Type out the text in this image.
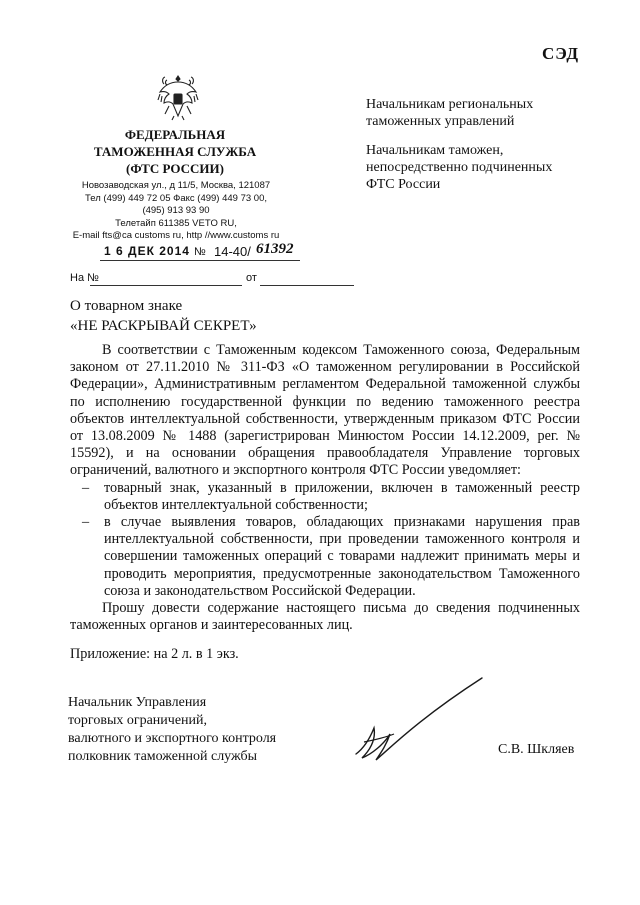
СЭД
ФЕДЕРАЛЬНАЯ
ТАМОЖЕННАЯ СЛУЖБА
(ФТС РОССИИ)
Новозаводская ул., д 11/5, Москва, 121087
Тел (499) 449 72 05 Факс (499) 449 73 00,
(495) 913 93 90
Телетайп 611385 VETO RU,
E-mail fts@ca customs ru, http //www.customs ru
1 6 ДЕК 2014 № 14-40/ 61392
На №	от
Начальникам региональных
таможенных управлений
Начальникам таможен,
непосредственно подчиненных
ФТС России
О товарном знаке
«НЕ РАСКРЫВАЙ СЕКРЕТ»

В соответствии с Таможенным кодексом Таможенного союза, Федеральным законом от 27.11.2010 № 311-ФЗ «О таможенном регулировании в Российской Федерации», Административным регламентом Федеральной таможенной службы по исполнению государственной функции по ведению таможенного реестра объектов интеллектуальной собственности, утвержденным приказом ФТС России от 13.08.2009 № 1488 (зарегистрирован Минюстом России 14.12.2009, рег. № 15592), и на основании обращения правообладателя Управление торговых ограничений, валютного и экспортного контроля ФТС России уведомляет:

– товарный знак, указанный в приложении, включен в таможенный реестр объектов интеллектуальной собственности;

– в случае выявления товаров, обладающих признаками нарушения прав интеллектуальной собственности, при проведении таможенного контроля и совершении таможенных операций с товарами надлежит принимать меры и проводить мероприятия, предусмотренные законодательством Таможенного союза и законодательством Российской Федерации.

Прошу довести содержание настоящего письма до сведения подчиненных таможенных органов и заинтересованных лиц.

Приложение: на 2 л. в 1 экз.
Начальник Управления
торговых ограничений,
валютного и экспортного контроля
полковник таможенной службы	С.В. Шкляев
